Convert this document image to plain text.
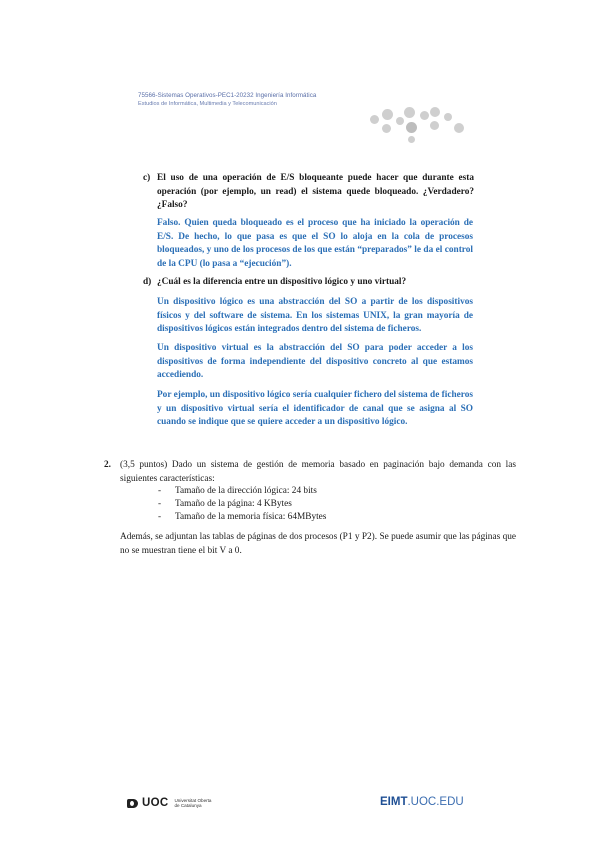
75566-Sistemas Operativos-PEC1-20232 Ingeniería Informática
Estudios de Informática, Multimedia y Telecomunicación
c) El uso de una operación de E/S bloqueante puede hacer que durante esta operación (por ejemplo, un read) el sistema quede bloqueado. ¿Verdadero? ¿Falso?
Falso. Quien queda bloqueado es el proceso que ha iniciado la operación de E/S. De hecho, lo que pasa es que el SO lo aloja en la cola de procesos bloqueados, y uno de los procesos de los que están “preparados” le da el control de la CPU (lo pasa a “ejecución”).
d) ¿Cuál es la diferencia entre un dispositivo lógico y uno virtual?
Un dispositivo lógico es una abstracción del SO a partir de los dispositivos físicos y del software de sistema. En los sistemas UNIX, la gran mayoría de dispositivos lógicos están integrados dentro del sistema de ficheros.
Un dispositivo virtual es la abstracción del SO para poder acceder a los dispositivos de forma independiente del dispositivo concreto al que estamos accediendo.
Por ejemplo, un dispositivo lógico sería cualquier fichero del sistema de ficheros y un dispositivo virtual sería el identificador de canal que se asigna al SO cuando se indique que se quiere acceder a un dispositivo lógico.
2. (3,5 puntos) Dado un sistema de gestión de memoria basado en paginación bajo demanda con las siguientes características:
- Tamaño de la dirección lógica: 24 bits
- Tamaño de la página: 4 KBytes
- Tamaño de la memoria física: 64MBytes
Además, se adjuntan las tablas de páginas de dos procesos (P1 y P2). Se puede asumir que las páginas que no se muestran tiene el bit V a 0.
UOC Universitat Oberta
de Catalunya	EIMT.UOC.EDU
